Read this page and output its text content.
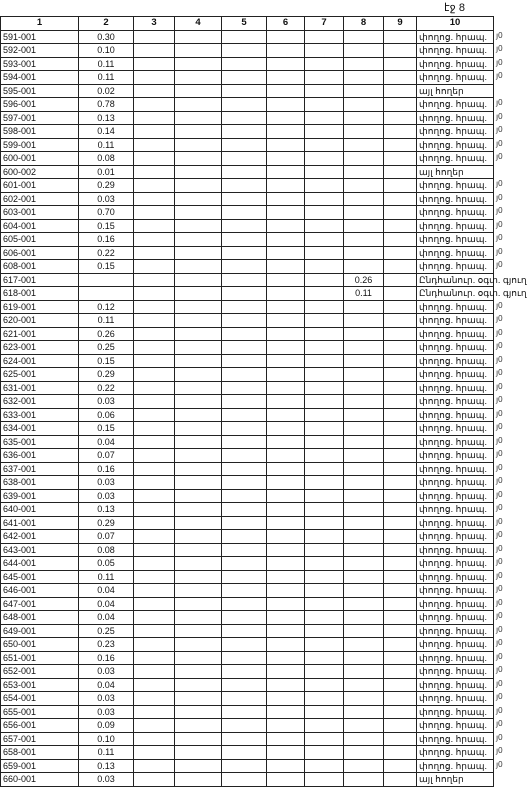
էջ 8
1	2	3	4	5	6	7	8	9	10
591-001	0.30								փողոց. հրապ.
592-001	0.10								փողոց. հրապ.
593-001	0.11								փողոց. հրապ.
594-001	0.11								փողոց. հրապ.
595-001	0.02								այլ հողեր
596-001	0.78								փողոց. հրապ.
597-001	0.13								փողոց. հրապ.
598-001	0.14								փողոց. հրապ.
599-001	0.11								փողոց. հրապ.
600-001	0.08								փողոց. հրապ.
600-002	0.01								այլ հողեր
601-001	0.29								փողոց. հրապ.
602-001	0.03								փողոց. հրապ.
603-001	0.70								փողոց. հրապ.
604-001	0.15								փողոց. հրապ.
605-001	0.16								փողոց. հրապ.
606-001	0.22								փողոց. հրապ.
608-001	0.15								փողոց. հրապ.
617-001							0.26		Ընդհանուր. օգտ. գյուղ
618-001							0.11		Ընդհանուր. օգտ. գյուղ
619-001	0.12								փողոց. հրապ.
620-001	0.11								փողոց. հրապ.
621-001	0.26								փողոց. հրապ.
623-001	0.25								փողոց. հրապ.
624-001	0.15								փողոց. հրապ.
625-001	0.29								փողոց. հրապ.
631-001	0.22								փողոց. հրապ.
632-001	0.03								փողոց. հրապ.
633-001	0.06								փողոց. հրապ.
634-001	0.15								փողոց. հրապ.
635-001	0.04								փողոց. հրապ.
636-001	0.07								փողոց. հրապ.
637-001	0.16								փողոց. հրապ.
638-001	0.03								փողոց. հրապ.
639-001	0.03								փողոց. հրապ.
640-001	0.13								փողոց. հրապ.
641-001	0.29								փողոց. հրապ.
642-001	0.07								փողոց. հրապ.
643-001	0.08								փողոց. հրապ.
644-001	0.05								փողոց. հրապ.
645-001	0.11								փողոց. հրապ.
646-001	0.04								փողոց. հրապ.
647-001	0.04								փողոց. հրապ.
648-001	0.04								փողոց. հրապ.
649-001	0.25								փողոց. հրապ.
650-001	0.23								փողոց. հրապ.
651-001	0.16								փողոց. հրապ.
652-001	0.03								փողոց. հրապ.
653-001	0.04								փողոց. հրապ.
654-001	0.03								փողոց. հրապ.
655-001	0.03								փողոց. հրապ.
656-001	0.09								փողոց. հրապ.
657-001	0.10								փողոց. հրապ.
658-001	0.11								փողոց. հրապ.
659-001	0.13								փողոց. հրապ.
660-001	0.03								այլ հողեր
յ0
յ0
յ0
յ0
յ0
յ0
յ0
յ0
յ0
յ0
յ0
յ0
յ0
յ0
յ0
յ0
յ0
յ0
յ0
յ0
յ0
յ0
յ0
յ0
յ0
յ0
յ0
յ0
յ0
յ0
յ0
յ0
յ0
յ0
յ0
յ0
յ0
յ0
յ0
յ0
յ0
յ0
յ0
յ0
յ0
յ0
յ0
յ0
յ0
յ0
յ0
